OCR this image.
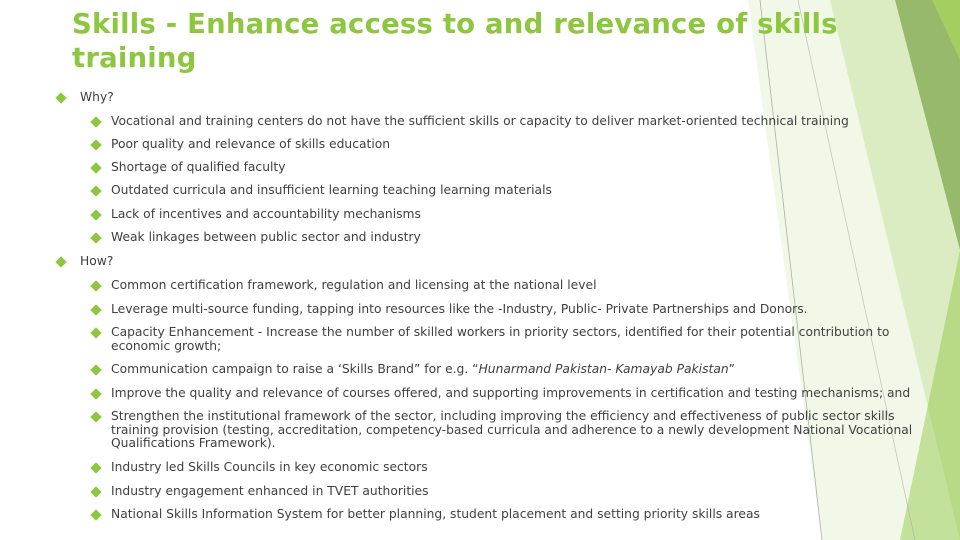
Skills - Enhance access to and relevance of skills training
Why?
Vocational and training centers do not have the sufficient skills or capacity to deliver market-oriented technical training
Poor quality and relevance of skills education
Shortage of qualified faculty
Outdated curricula and insufficient learning teaching learning materials
Lack of incentives and accountability mechanisms
Weak linkages between public sector and industry
How?
Common certification framework, regulation and licensing at the national level
Leverage multi-source funding, tapping into resources like the -Industry, Public- Private Partnerships and Donors.
Capacity Enhancement - Increase the number of skilled workers in priority sectors, identified for their potential contribution to economic growth;
Communication campaign to raise a ‘Skills Brand” for e.g. “Hunarmand Pakistan- Kamayab Pakistan”
Improve the quality and relevance of courses offered, and supporting improvements in certification and testing mechanisms; and
Strengthen the institutional framework of the sector, including improving the efficiency and effectiveness of public sector skills training provision (testing, accreditation, competency-based curricula and adherence to a newly development National Vocational Qualifications Framework).
Industry led Skills Councils in key economic sectors
Industry engagement enhanced in TVET authorities
National Skills Information System for better planning, student placement and setting priority skills areas
